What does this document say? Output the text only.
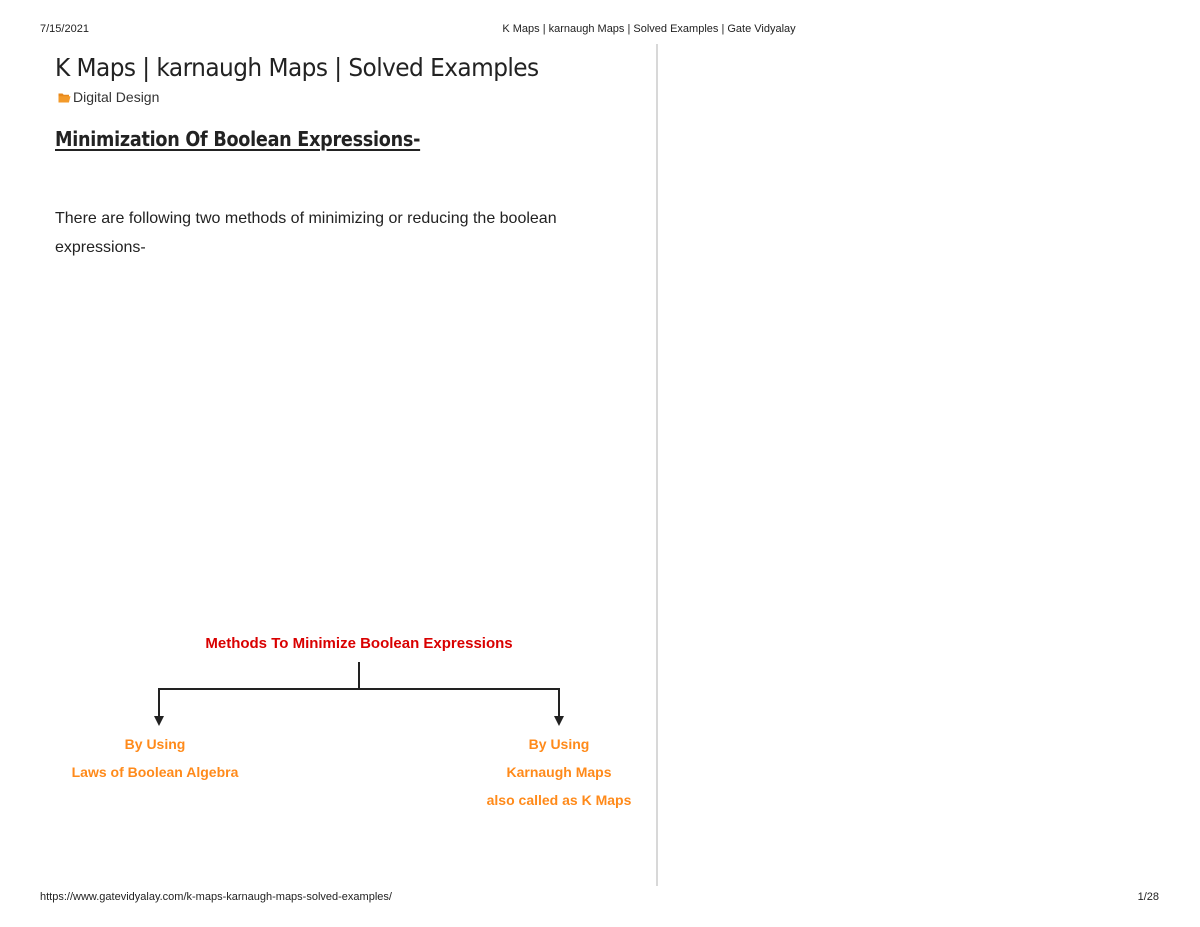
7/15/2021	K Maps | karnaugh Maps | Solved Examples | Gate Vidyalay
K Maps | karnaugh Maps | Solved Examples
Digital Design
Minimization Of Boolean Expressions-

There are following two methods of minimizing or reducing the boolean expressions-

Methods To Minimize Boolean Expressions
By Using
Laws of Boolean Algebra
By Using
Karnaugh Maps
also called as K Maps
https://www.gatevidyalay.com/k-maps-karnaugh-maps-solved-examples/	1/28
